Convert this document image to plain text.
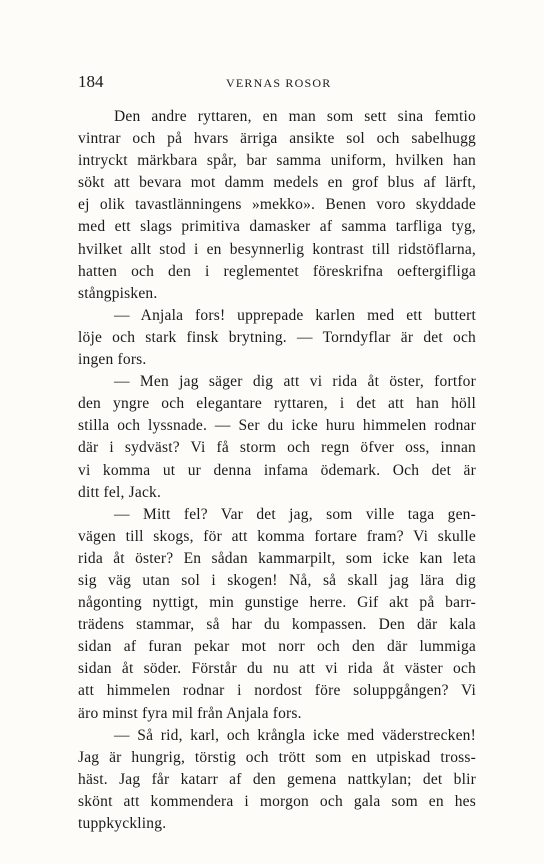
184	VERNAS ROSOR
Den andre ryttaren, en man som sett sina femtio
vintrar och på hvars ärriga ansikte sol och sabelhugg
intryckt märkbara spår, bar samma uniform, hvilken han
sökt att bevara mot damm medels en grof blus af lärft,
ej olik tavastlänningens »mekko». Benen voro skyddade
med ett slags primitiva damasker af samma tarfliga tyg,
hvilket allt stod i en besynnerlig kontrast till ridstöflarna,
hatten och den i reglementet föreskrifna oeftergifliga
stångpisken.
— Anjala fors! upprepade karlen med ett buttert
löje och stark finsk brytning. — Torndyflar är det och
ingen fors.
— Men jag säger dig att vi rida åt öster, fortfor
den yngre och elegantare ryttaren, i det att han höll
stilla och lyssnade. — Ser du icke huru himmelen rodnar
där i sydväst? Vi få storm och regn öfver oss, innan
vi komma ut ur denna infama ödemark. Och det är
ditt fel, Jack.
— Mitt fel? Var det jag, som ville taga gen-
vägen till skogs, för att komma fortare fram? Vi skulle
rida åt öster? En sådan kammarpilt, som icke kan leta
sig väg utan sol i skogen! Nå, så skall jag lära dig
någonting nyttigt, min gunstige herre. Gif akt på barr-
trädens stammar, så har du kompassen. Den där kala
sidan af furan pekar mot norr och den där lummiga
sidan åt söder. Förstår du nu att vi rida åt väster och
att himmelen rodnar i nordost före soluppgången? Vi
äro minst fyra mil från Anjala fors.
— Så rid, karl, och krångla icke med väderstrecken!
Jag är hungrig, törstig och trött som en utpiskad tross-
häst. Jag får katarr af den gemena nattkylan; det blir
skönt att kommendera i morgon och gala som en hes
tuppkyckling.
